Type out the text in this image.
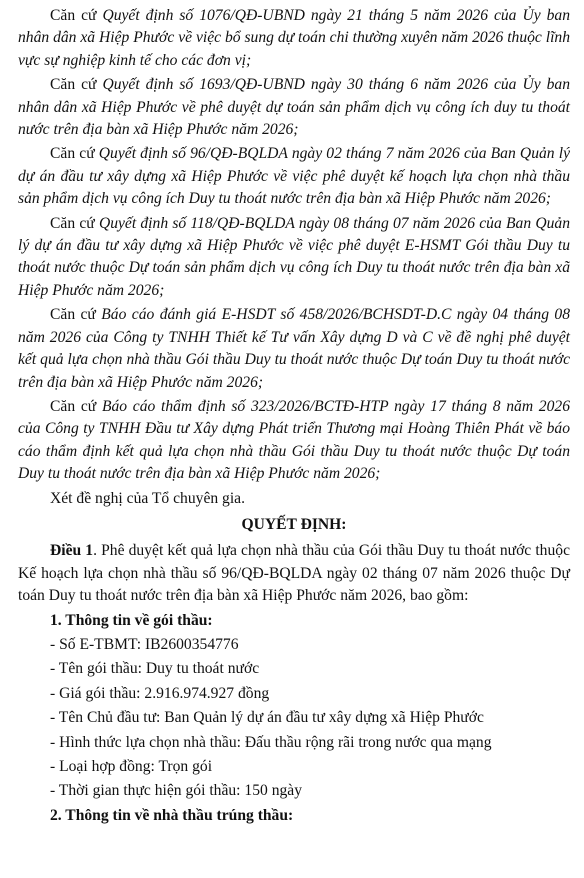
Căn cứ Quyết định số 1076/QĐ-UBND ngày 21 tháng 5 năm 2026 của Ủy ban nhân dân xã Hiệp Phước về việc bổ sung dự toán chi thường xuyên năm 2026 thuộc lĩnh vực sự nghiệp kinh tế cho các đơn vị;

Căn cứ Quyết định số 1693/QĐ-UBND ngày 30 tháng 6 năm 2026 của Ủy ban nhân dân xã Hiệp Phước về phê duyệt dự toán sản phẩm dịch vụ công ích duy tu thoát nước trên địa bàn xã Hiệp Phước năm 2026;

Căn cứ Quyết định số 96/QĐ-BQLDA ngày 02 tháng 7 năm 2026 của Ban Quản lý dự án đầu tư xây dựng xã Hiệp Phước về việc phê duyệt kế hoạch lựa chọn nhà thầu sản phẩm dịch vụ công ích Duy tu thoát nước trên địa bàn xã Hiệp Phước năm 2026;

Căn cứ Quyết định số 118/QĐ-BQLDA ngày 08 tháng 07 năm 2026 của Ban Quản lý dự án đầu tư xây dựng xã Hiệp Phước về việc phê duyệt E-HSMT Gói thầu Duy tu thoát nước thuộc Dự toán sản phẩm dịch vụ công ích Duy tu thoát nước trên địa bàn xã Hiệp Phước năm 2026;

Căn cứ Báo cáo đánh giá E-HSDT số 458/2026/BCHSDT-D.C ngày 04 tháng 08 năm 2026 của Công ty TNHH Thiết kế Tư vấn Xây dựng D và C về đề nghị phê duyệt kết quả lựa chọn nhà thầu Gói thầu Duy tu thoát nước thuộc Dự toán Duy tu thoát nước trên địa bàn xã Hiệp Phước năm 2026;

Căn cứ Báo cáo thẩm định số 323/2026/BCTĐ-HTP ngày 17 tháng 8 năm 2026 của Công ty TNHH Đầu tư Xây dựng Phát triển Thương mại Hoàng Thiên Phát về báo cáo thẩm định kết quả lựa chọn nhà thầu Gói thầu Duy tu thoát nước thuộc Dự toán Duy tu thoát nước trên địa bàn xã Hiệp Phước năm 2026;

Xét đề nghị của Tổ chuyên gia.

QUYẾT ĐỊNH:

Điều 1. Phê duyệt kết quả lựa chọn nhà thầu của Gói thầu Duy tu thoát nước thuộc Kế hoạch lựa chọn nhà thầu số 96/QĐ-BQLDA ngày 02 tháng 07 năm 2026 thuộc Dự toán Duy tu thoát nước trên địa bàn xã Hiệp Phước năm 2026, bao gồm:

1. Thông tin về gói thầu:
- Số E-TBMT: IB2600354776
- Tên gói thầu: Duy tu thoát nước
- Giá gói thầu: 2.916.974.927 đồng
- Tên Chủ đầu tư: Ban Quản lý dự án đầu tư xây dựng xã Hiệp Phước
- Hình thức lựa chọn nhà thầu: Đấu thầu rộng rãi trong nước qua mạng
- Loại hợp đồng: Trọn gói
- Thời gian thực hiện gói thầu: 150 ngày
2. Thông tin về nhà thầu trúng thầu:
